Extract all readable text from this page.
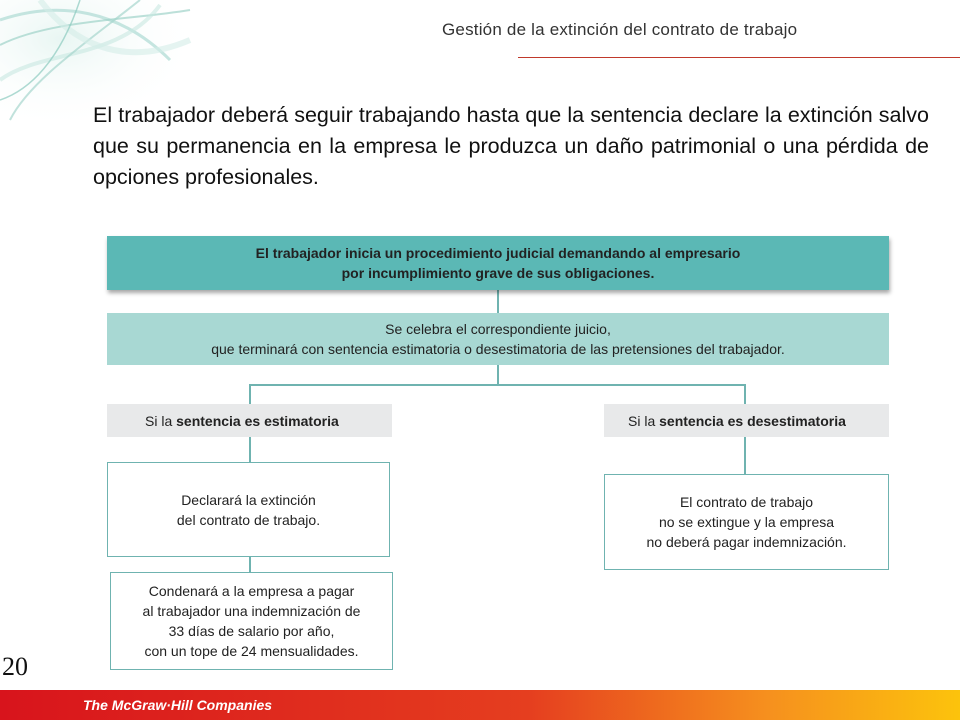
Gestión de la extinción del contrato de trabajo
El trabajador deberá seguir trabajando hasta que la sentencia declare la extinción salvo que su permanencia en la empresa le produzca un daño patrimonial o una pérdida de opciones profesionales.
El trabajador inicia un procedimiento judicial demandando al empresario
por incumplimiento grave de sus obligaciones.
Se celebra el correspondiente juicio,
que terminará con sentencia estimatoria o desestimatoria de las pretensiones del trabajador.
Si la sentencia es estimatoria	Si la sentencia es desestimatoria
Declarará la extinción
del contrato de trabajo.
Condenará a la empresa a pagar
al trabajador una indemnización de
33 días de salario por año,
con un tope de 24 mensualidades.
El contrato de trabajo
no se extingue y la empresa
no deberá pagar indemnización.
20
The McGraw·Hill Companies
